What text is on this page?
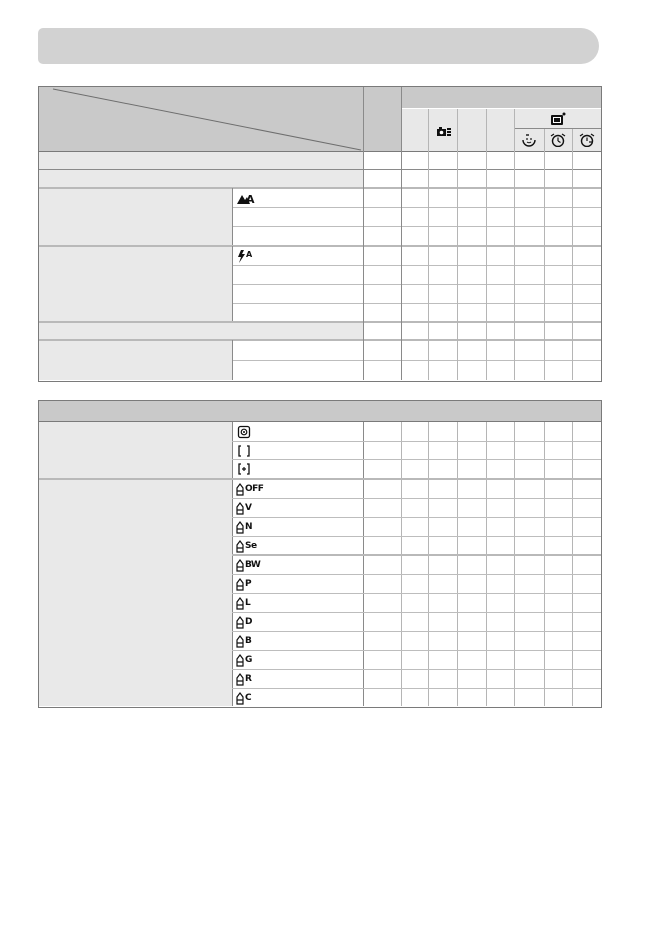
A
A
OFF
V
N
Se
BW
P
L
D
B
G
R
C
